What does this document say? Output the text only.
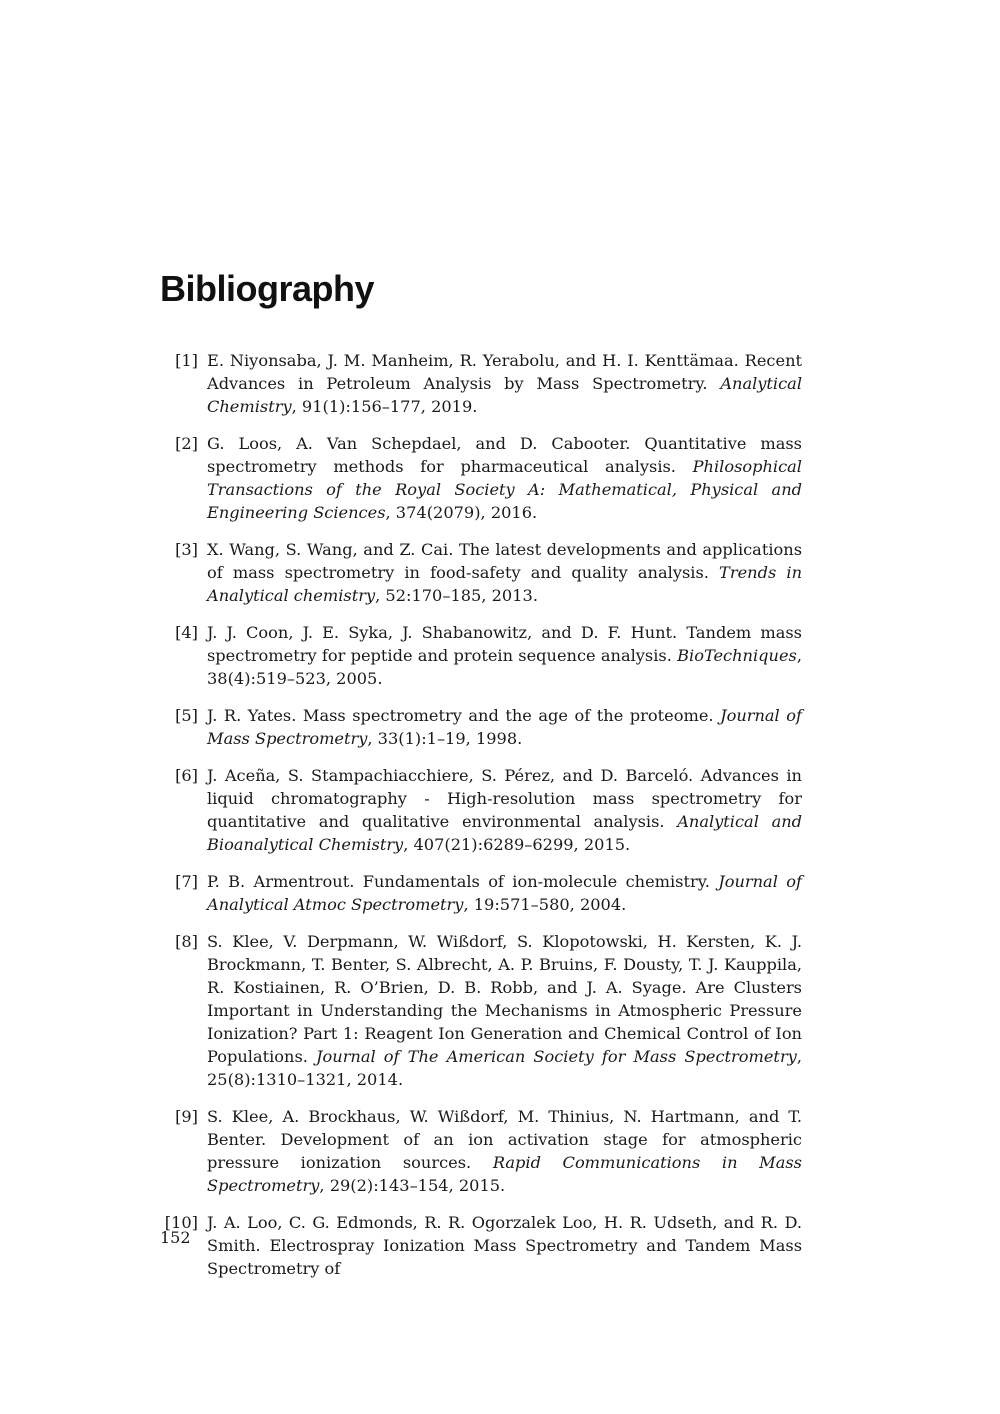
Bibliography
[1] E. Niyonsaba, J. M. Manheim, R. Yerabolu, and H. I. Kenttämaa. Recent Advances in Petroleum Analysis by Mass Spectrometry. Analytical Chemistry, 91(1):156–177, 2019.
[2] G. Loos, A. Van Schepdael, and D. Cabooter. Quantitative mass spectrometry methods for pharmaceutical analysis. Philosophical Transactions of the Royal Society A: Mathematical, Physical and Engineering Sciences, 374(2079), 2016.
[3] X. Wang, S. Wang, and Z. Cai. The latest developments and applications of mass spectrometry in food-safety and quality analysis. Trends in Analytical chemistry, 52:170–185, 2013.
[4] J. J. Coon, J. E. Syka, J. Shabanowitz, and D. F. Hunt. Tandem mass spectrometry for peptide and protein sequence analysis. BioTechniques, 38(4):519–523, 2005.
[5] J. R. Yates. Mass spectrometry and the age of the proteome. Journal of Mass Spectrometry, 33(1):1–19, 1998.
[6] J. Aceña, S. Stampachiacchiere, S. Pérez, and D. Barceló. Advances in liquid chromatography - High-resolution mass spectrometry for quantitative and qualitative environmental analysis. Analytical and Bioanalytical Chemistry, 407(21):6289–6299, 2015.
[7] P. B. Armentrout. Fundamentals of ion-molecule chemistry. Journal of Analytical Atmoc Spectrometry, 19:571–580, 2004.
[8] S. Klee, V. Derpmann, W. Wißdorf, S. Klopotowski, H. Kersten, K. J. Brockmann, T. Benter, S. Albrecht, A. P. Bruins, F. Dousty, T. J. Kauppila, R. Kostiainen, R. O’Brien, D. B. Robb, and J. A. Syage. Are Clusters Important in Understanding the Mechanisms in Atmospheric Pressure Ionization? Part 1: Reagent Ion Generation and Chemical Control of Ion Populations. Journal of The American Society for Mass Spectrometry, 25(8):1310–1321, 2014.
[9] S. Klee, A. Brockhaus, W. Wißdorf, M. Thinius, N. Hartmann, and T. Benter. Development of an ion activation stage for atmospheric pressure ionization sources. Rapid Communications in Mass Spectrometry, 29(2):143–154, 2015.
[10] J. A. Loo, C. G. Edmonds, R. R. Ogorzalek Loo, H. R. Udseth, and R. D. Smith. Electrospray Ionization Mass Spectrometry and Tandem Mass Spectrometry of
152
